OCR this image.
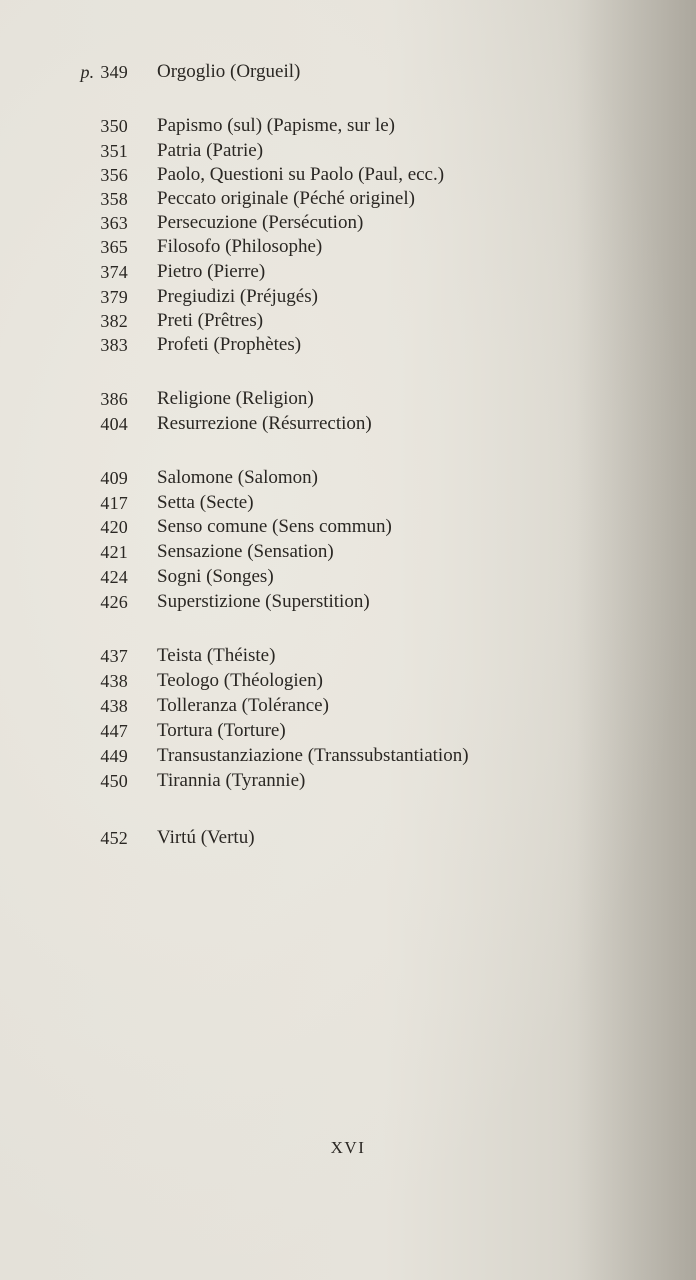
p. 349 Orgoglio (Orgueil)
350 Papismo (sul) (Papisme, sur le)
351 Patria (Patrie)
356 Paolo, Questioni su Paolo (Paul, ecc.)
358 Peccato originale (Péché originel)
363 Persecuzione (Persécution)
365 Filosofo (Philosophe)
374 Pietro (Pierre)
379 Pregiudizi (Préjugés)
382 Preti (Prêtres)
383 Profeti (Prophètes)
386 Religione (Religion)
404 Resurrezione (Résurrection)
409 Salomone (Salomon)
417 Setta (Secte)
420 Senso comune (Sens commun)
421 Sensazione (Sensation)
424 Sogni (Songes)
426 Superstizione (Superstition)
437 Teista (Théiste)
438 Teologo (Théologien)
438 Tolleranza (Tolérance)
447 Tortura (Torture)
449 Transustanziazione (Transsubstantiation)
450 Tirannia (Tyrannie)
452 Virtú (Vertu)
XVI
